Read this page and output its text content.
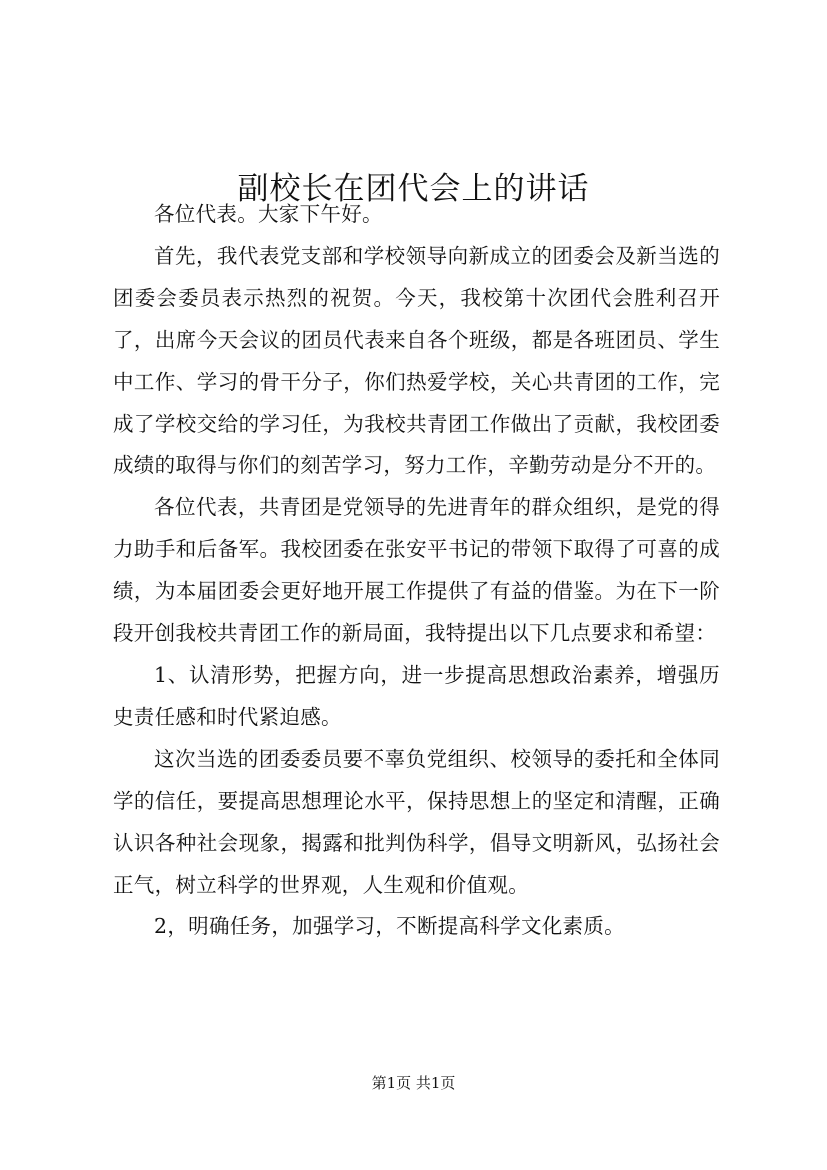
副校长在团代会上的讲话

各位代表。大家下午好。

首先，我代表党支部和学校领导向新成立的团委会及新当选的团委会委员表示热烈的祝贺。今天，我校第十次团代会胜利召开了，出席今天会议的团员代表来自各个班级，都是各班团员、学生中工作、学习的骨干分子，你们热爱学校，关心共青团的工作，完成了学校交给的学习任，为我校共青团工作做出了贡献，我校团委成绩的取得与你们的刻苦学习，努力工作，辛勤劳动是分不开的。

各位代表，共青团是党领导的先进青年的群众组织，是党的得力助手和后备军。我校团委在张安平书记的带领下取得了可喜的成绩，为本届团委会更好地开展工作提供了有益的借鉴。为在下一阶段开创我校共青团工作的新局面，我特提出以下几点要求和希望：

1、认清形势，把握方向，进一步提高思想政治素养，增强历史责任感和时代紧迫感。

这次当选的团委委员要不辜负党组织、校领导的委托和全体同学的信任，要提高思想理论水平，保持思想上的坚定和清醒，正确认识各种社会现象，揭露和批判伪科学，倡导文明新风，弘扬社会正气，树立科学的世界观，人生观和价值观。

2，明确任务，加强学习，不断提高科学文化素质。

第1页 共1页
